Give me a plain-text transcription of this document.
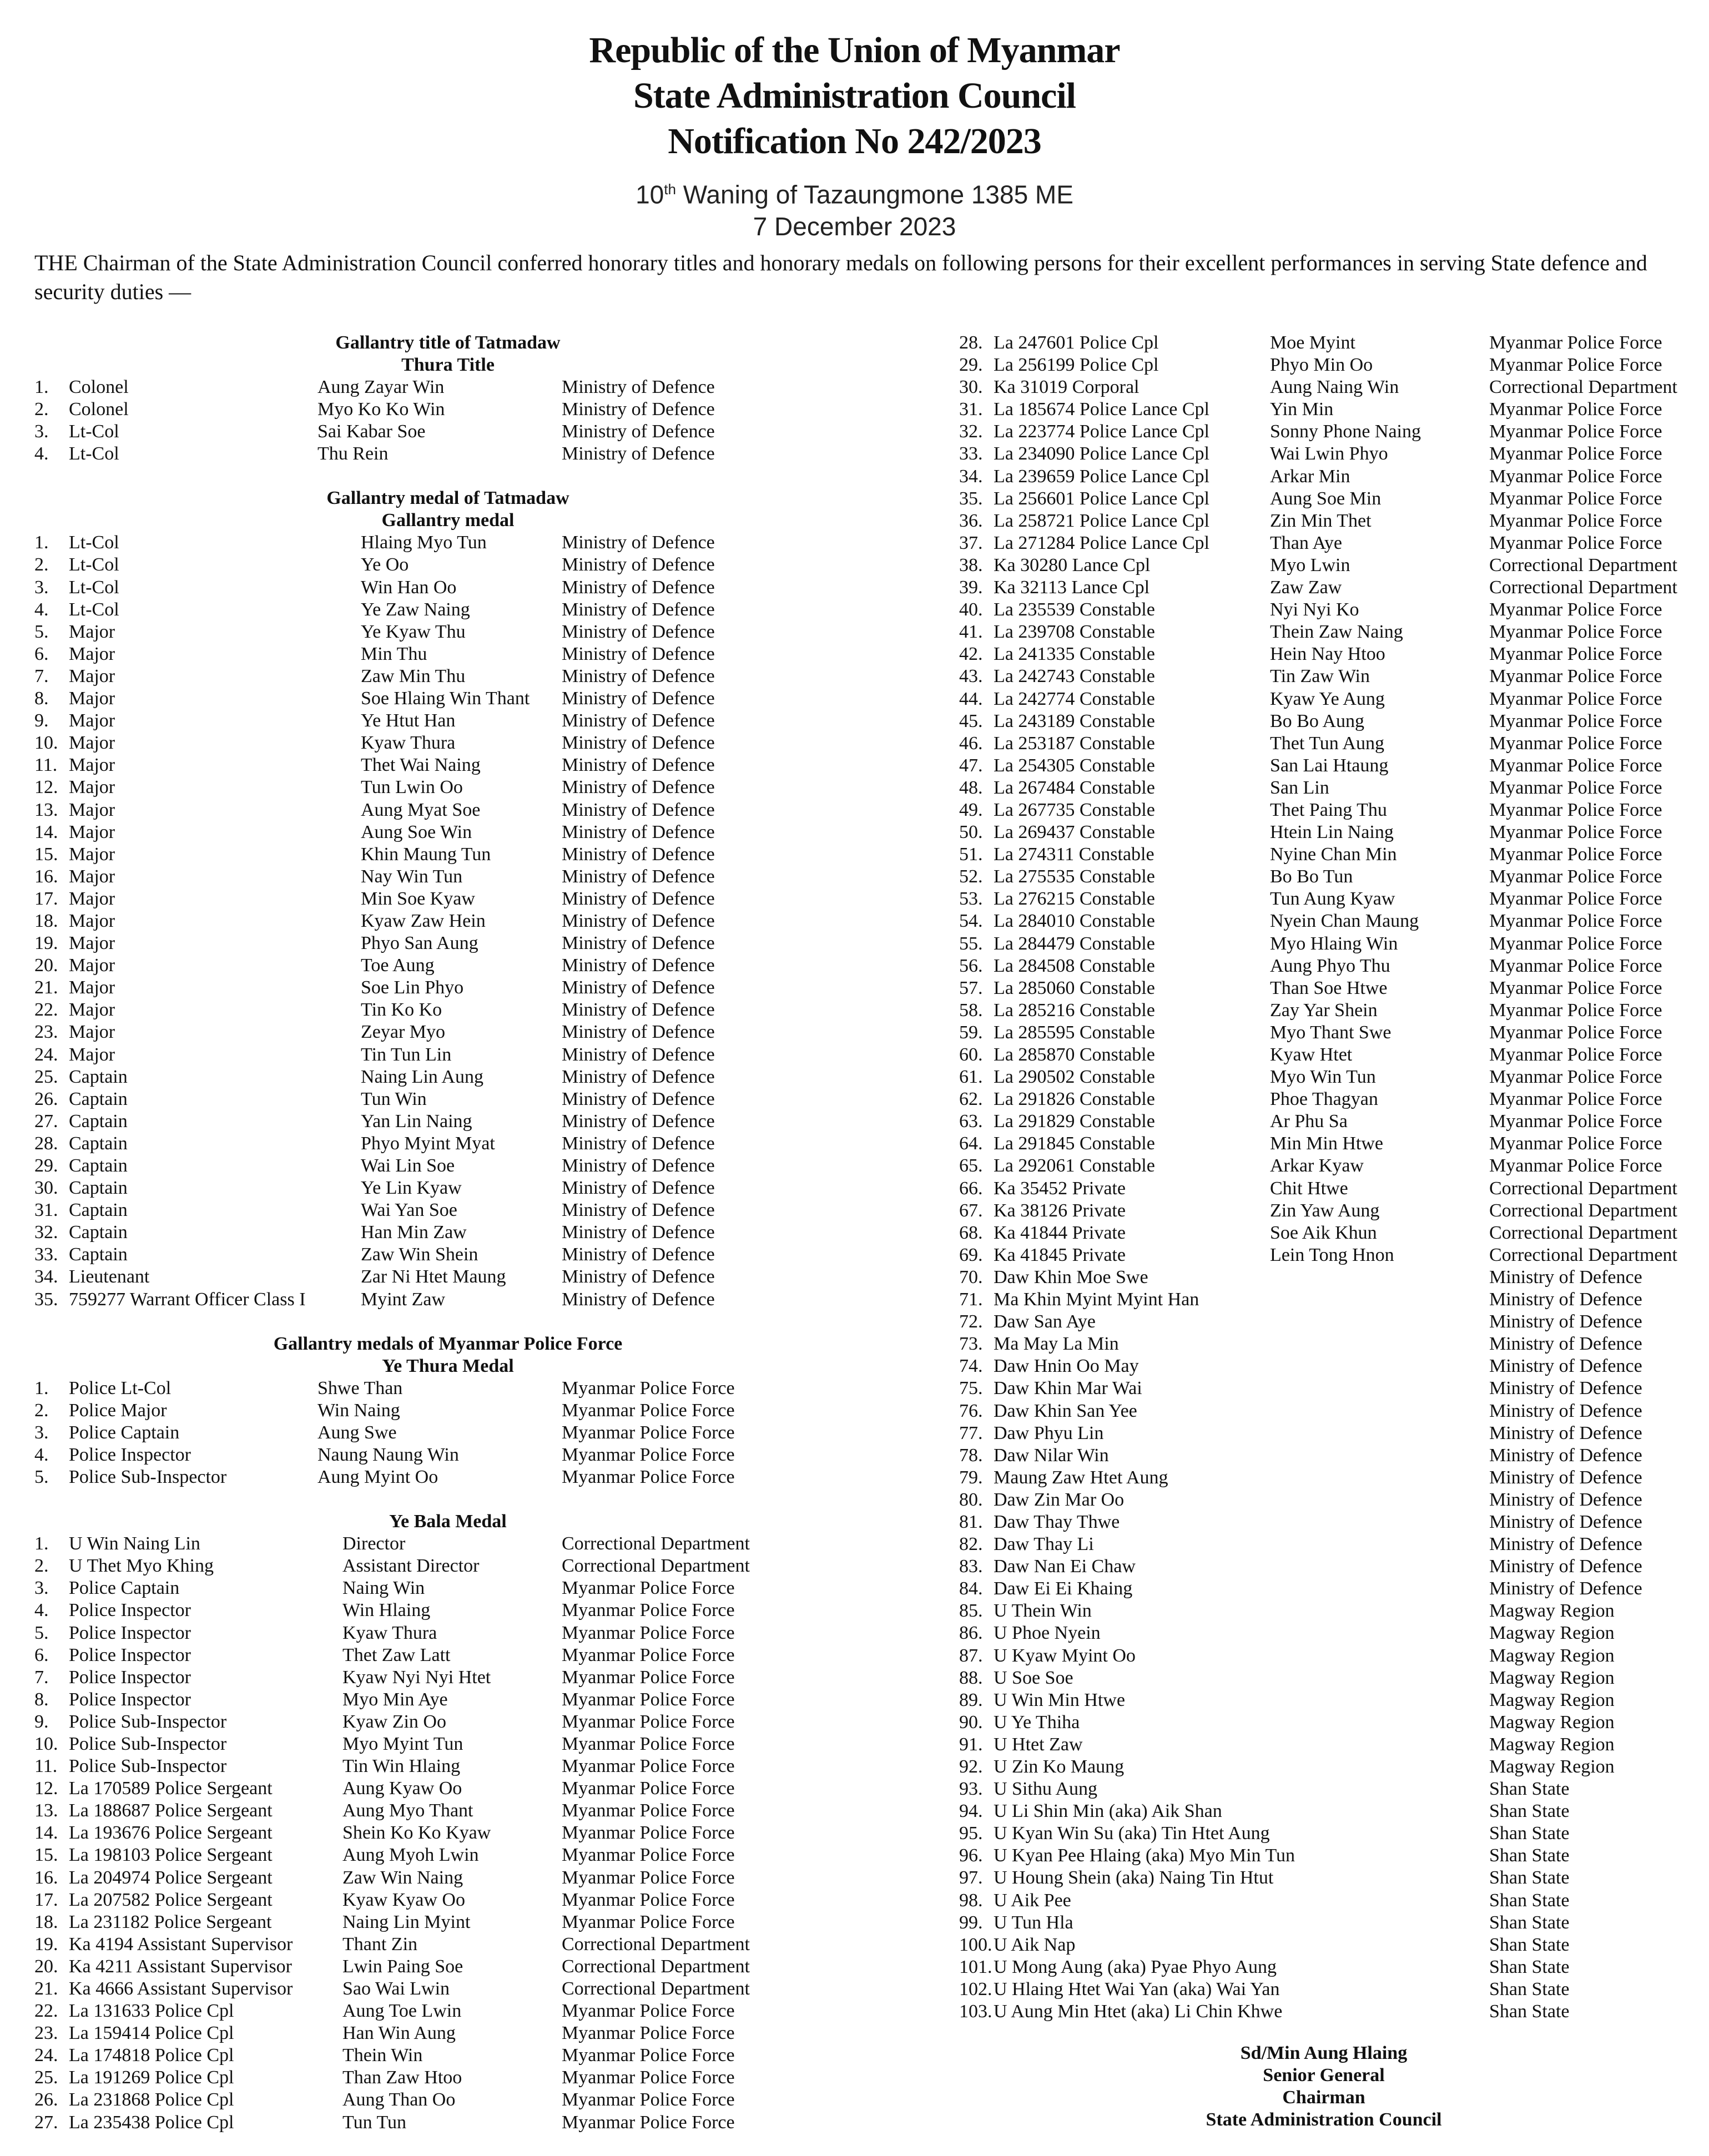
Republic of the Union of Myanmar
State Administration Council
Notification No 242/2023
10th Waning of Tazaungmone 1385 ME
7 December 2023
THE Chairman of the State Administration Council conferred honorary titles and honorary medals on following persons for their excellent performances in serving State defence and security duties —
Gallantry title of Tatmadaw
Thura Title
1. Colonel	Aung Zayar Win	Ministry of Defence
2. Colonel	Myo Ko Ko Win	Ministry of Defence
3. Lt-Col	Sai Kabar Soe	Ministry of Defence
4. Lt-Col	Thu Rein	Ministry of Defence
Gallantry medal of Tatmadaw
Gallantry medal
1. Lt-Col	Hlaing Myo Tun	Ministry of Defence
2. Lt-Col	Ye Oo	Ministry of Defence
3. Lt-Col	Win Han Oo	Ministry of Defence
4. Lt-Col	Ye Zaw Naing	Ministry of Defence
5. Major	Ye Kyaw Thu	Ministry of Defence
6. Major	Min Thu	Ministry of Defence
7. Major	Zaw Min Thu	Ministry of Defence
8. Major	Soe Hlaing Win Thant Ministry of Defence
9. Major	Ye Htut Han	Ministry of Defence
10. Major	Kyaw Thura	Ministry of Defence
11. Major	Thet Wai Naing	Ministry of Defence
12. Major	Tun Lwin Oo	Ministry of Defence
13. Major	Aung Myat Soe	Ministry of Defence
14. Major	Aung Soe Win	Ministry of Defence
15. Major	Khin Maung Tun	Ministry of Defence
16. Major	Nay Win Tun	Ministry of Defence
17. Major	Min Soe Kyaw	Ministry of Defence
18. Major	Kyaw Zaw Hein	Ministry of Defence
19. Major	Phyo San Aung	Ministry of Defence
20. Major	Toe Aung	Ministry of Defence
21. Major	Soe Lin Phyo	Ministry of Defence
22. Major	Tin Ko Ko	Ministry of Defence
23. Major	Zeyar Myo	Ministry of Defence
24. Major	Tin Tun Lin	Ministry of Defence
25. Captain	Naing Lin Aung	Ministry of Defence
26. Captain	Tun Win	Ministry of Defence
27. Captain	Yan Lin Naing	Ministry of Defence
28. Captain	Phyo Myint Myat	Ministry of Defence
29. Captain	Wai Lin Soe	Ministry of Defence
30. Captain	Ye Lin Kyaw	Ministry of Defence
31. Captain	Wai Yan Soe	Ministry of Defence
32. Captain	Han Min Zaw	Ministry of Defence
33. Captain	Zaw Win Shein	Ministry of Defence
34. Lieutenant	Zar Ni Htet Maung	Ministry of Defence
35. 759277 Warrant Officer Class I	Myint Zaw	Ministry of Defence
Gallantry medals of Myanmar Police Force
Ye Thura Medal
1. Police Lt-Col	Shwe Than	Myanmar Police Force
2. Police Major	Win Naing	Myanmar Police Force
3. Police Captain	Aung Swe	Myanmar Police Force
4. Police Inspector	Naung Naung Win	Myanmar Police Force
5. Police Sub-Inspector	Aung Myint Oo	Myanmar Police Force
Ye Bala Medal
1. U Win Naing Lin	Director	Correctional Department
2. U Thet Myo Khing	Assistant Director	Correctional Department
3. Police Captain	Naing Win	Myanmar Police Force
4. Police Inspector	Win Hlaing	Myanmar Police Force
5. Police Inspector	Kyaw Thura	Myanmar Police Force
6. Police Inspector	Thet Zaw Latt	Myanmar Police Force
7. Police Inspector	Kyaw Nyi Nyi Htet	Myanmar Police Force
8. Police Inspector	Myo Min Aye	Myanmar Police Force
9. Police Sub-Inspector	Kyaw Zin Oo	Myanmar Police Force
10. Police Sub-Inspector	Myo Myint Tun	Myanmar Police Force
11. Police Sub-Inspector	Tin Win Hlaing	Myanmar Police Force
12. La 170589 Police Sergeant	Aung Kyaw Oo	Myanmar Police Force
13. La 188687 Police Sergeant	Aung Myo Thant	Myanmar Police Force
14. La 193676 Police Sergeant	Shein Ko Ko Kyaw	Myanmar Police Force
15. La 198103 Police Sergeant	Aung Myoh Lwin	Myanmar Police Force
16. La 204974 Police Sergeant	Zaw Win Naing	Myanmar Police Force
17. La 207582 Police Sergeant	Kyaw Kyaw Oo	Myanmar Police Force
18. La 231182 Police Sergeant	Naing Lin Myint	Myanmar Police Force
19. Ka 4194 Assistant Supervisor	Thant Zin	Correctional Department
20. Ka 4211 Assistant Supervisor	Lwin Paing Soe	Correctional Department
21. Ka 4666 Assistant Supervisor	Sao Wai Lwin	Correctional Department
22. La 131633 Police Cpl	Aung Toe Lwin	Myanmar Police Force
23. La 159414 Police Cpl	Han Win Aung	Myanmar Police Force
24. La 174818 Police Cpl	Thein Win	Myanmar Police Force
25. La 191269 Police Cpl	Than Zaw Htoo	Myanmar Police Force
26. La 231868 Police Cpl	Aung Than Oo	Myanmar Police Force
27. La 235438 Police Cpl	Tun Tun	Myanmar Police Force
28. La 247601 Police Cpl	Moe Myint	Myanmar Police Force
29. La 256199 Police Cpl	Phyo Min Oo	Myanmar Police Force
30. Ka 31019 Corporal	Aung Naing Win	Correctional Department
31. La 185674 Police Lance Cpl	Yin Min	Myanmar Police Force
32. La 223774 Police Lance Cpl	Sonny Phone Naing	Myanmar Police Force
33. La 234090 Police Lance Cpl	Wai Lwin Phyo	Myanmar Police Force
34. La 239659 Police Lance Cpl	Arkar Min	Myanmar Police Force
35. La 256601 Police Lance Cpl	Aung Soe Min	Myanmar Police Force
36. La 258721 Police Lance Cpl	Zin Min Thet	Myanmar Police Force
37. La 271284 Police Lance Cpl	Than Aye	Myanmar Police Force
38. Ka 30280 Lance Cpl	Myo Lwin	Correctional Department
39. Ka 32113 Lance Cpl	Zaw Zaw	Correctional Department
40. La 235539 Constable	Nyi Nyi Ko	Myanmar Police Force
41. La 239708 Constable	Thein Zaw Naing	Myanmar Police Force
42. La 241335 Constable	Hein Nay Htoo	Myanmar Police Force
43. La 242743 Constable	Tin Zaw Win	Myanmar Police Force
44. La 242774 Constable	Kyaw Ye Aung	Myanmar Police Force
45. La 243189 Constable	Bo Bo Aung	Myanmar Police Force
46. La 253187 Constable	Thet Tun Aung	Myanmar Police Force
47. La 254305 Constable	San Lai Htaung	Myanmar Police Force
48. La 267484 Constable	San Lin	Myanmar Police Force
49. La 267735 Constable	Thet Paing Thu	Myanmar Police Force
50. La 269437 Constable	Htein Lin Naing	Myanmar Police Force
51. La 274311 Constable	Nyine Chan Min	Myanmar Police Force
52. La 275535 Constable	Bo Bo Tun	Myanmar Police Force
53. La 276215 Constable	Tun Aung Kyaw	Myanmar Police Force
54. La 284010 Constable	Nyein Chan Maung	Myanmar Police Force
55. La 284479 Constable	Myo Hlaing Win	Myanmar Police Force
56. La 284508 Constable	Aung Phyo Thu	Myanmar Police Force
57. La 285060 Constable	Than Soe Htwe	Myanmar Police Force
58. La 285216 Constable	Zay Yar Shein	Myanmar Police Force
59. La 285595 Constable	Myo Thant Swe	Myanmar Police Force
60. La 285870 Constable	Kyaw Htet	Myanmar Police Force
61. La 290502 Constable	Myo Win Tun	Myanmar Police Force
62. La 291826 Constable	Phoe Thagyan	Myanmar Police Force
63. La 291829 Constable	Ar Phu Sa	Myanmar Police Force
64. La 291845 Constable	Min Min Htwe	Myanmar Police Force
65. La 292061 Constable	Arkar Kyaw	Myanmar Police Force
66. Ka 35452 Private	Chit Htwe	Correctional Department
67. Ka 38126 Private	Zin Yaw Aung	Correctional Department
68. Ka 41844 Private	Soe Aik Khun	Correctional Department
69. Ka 41845 Private	Lein Tong Hnon	Correctional Department
70. Daw Khin Moe Swe	Ministry of Defence
71. Ma Khin Myint Myint Han	Ministry of Defence
72. Daw San Aye	Ministry of Defence
73. Ma May La Min	Ministry of Defence
74. Daw Hnin Oo May	Ministry of Defence
75. Daw Khin Mar Wai	Ministry of Defence
76. Daw Khin San Yee	Ministry of Defence
77. Daw Phyu Lin	Ministry of Defence
78. Daw Nilar Win	Ministry of Defence
79. Maung Zaw Htet Aung	Ministry of Defence
80. Daw Zin Mar Oo	Ministry of Defence
81. Daw Thay Thwe	Ministry of Defence
82. Daw Thay Li	Ministry of Defence
83. Daw Nan Ei Chaw	Ministry of Defence
84. Daw Ei Ei Khaing	Ministry of Defence
85. U Thein Win	Magway Region
86. U Phoe Nyein	Magway Region
87. U Kyaw Myint Oo	Magway Region
88. U Soe Soe	Magway Region
89. U Win Min Htwe	Magway Region
90. U Ye Thiha	Magway Region
91. U Htet Zaw	Magway Region
92. U Zin Ko Maung	Magway Region
93. U Sithu Aung	Shan State
94. U Li Shin Min (aka) Aik Shan	Shan State
95. U Kyan Win Su (aka) Tin Htet Aung	Shan State
96. U Kyan Pee Hlaing (aka) Myo Min Tun	Shan State
97. U Houng Shein (aka) Naing Tin Htut	Shan State
98. U Aik Pee	Shan State
99. U Tun Hla	Shan State
100. U Aik Nap	Shan State
101. U Mong Aung (aka) Pyae Phyo Aung	Shan State
102. U Hlaing Htet Wai Yan (aka) Wai Yan	Shan State
103. U Aung Min Htet (aka) Li Chin Khwe	Shan State
Sd/Min Aung Hlaing
Senior General
Chairman
State Administration Council
